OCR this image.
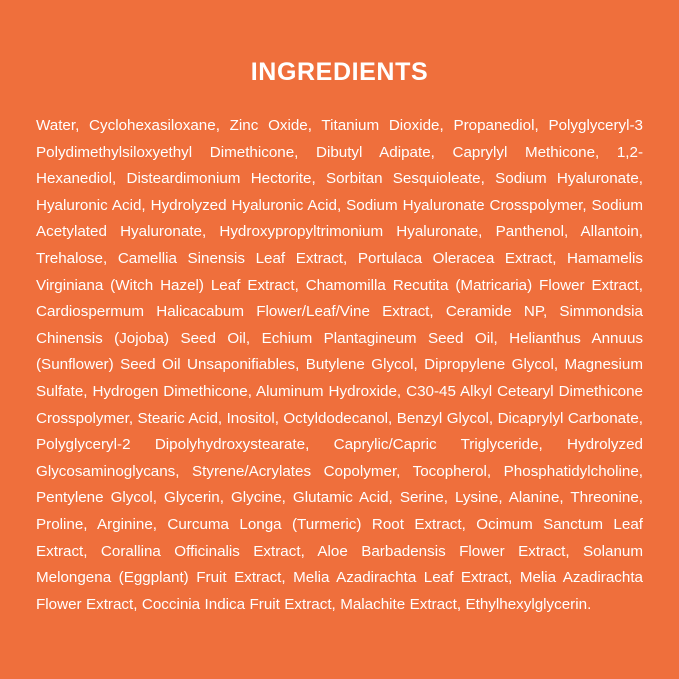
INGREDIENTS

Water, Cyclohexasiloxane, Zinc Oxide, Titanium Dioxide, Propanediol, Polyglyceryl-3 Polydimethylsiloxyethyl Dimethicone, Dibutyl Adipate, Caprylyl Methicone, 1,2-Hexanediol, Disteardimonium Hectorite, Sorbitan Sesquioleate, Sodium Hyaluronate, Hyaluronic Acid, Hydrolyzed Hyaluronic Acid, Sodium Hyaluronate Crosspolymer, Sodium Acetylated Hyaluronate, Hydroxypropyltrimonium Hyaluronate, Panthenol, Allantoin, Trehalose, Camellia Sinensis Leaf Extract, Portulaca Oleracea Extract, Hamamelis Virginiana (Witch Hazel) Leaf Extract, Chamomilla Recutita (Matricaria) Flower Extract, Cardiospermum Halicacabum Flower/Leaf/Vine Extract, Ceramide NP, Simmondsia Chinensis (Jojoba) Seed Oil, Echium Plantagineum Seed Oil, Helianthus Annuus (Sunflower) Seed Oil Unsaponifiables, Butylene Glycol, Dipropylene Glycol, Magnesium Sulfate, Hydrogen Dimethicone, Aluminum Hydroxide, C30-45 Alkyl Cetearyl Dimethicone Crosspolymer, Stearic Acid, Inositol, Octyldodecanol, Benzyl Glycol, Dicaprylyl Carbonate, Polyglyceryl-2 Dipolyhydroxystearate, Caprylic/Capric Triglyceride, Hydrolyzed Glycosaminoglycans, Styrene/Acrylates Copolymer, Tocopherol, Phosphatidylcholine, Pentylene Glycol, Glycerin, Glycine, Glutamic Acid, Serine, Lysine, Alanine, Threonine, Proline, Arginine, Curcuma Longa (Turmeric) Root Extract, Ocimum Sanctum Leaf Extract, Corallina Officinalis Extract, Aloe Barbadensis Flower Extract, Solanum Melongena (Eggplant) Fruit Extract, Melia Azadirachta Leaf Extract, Melia Azadirachta Flower Extract, Coccinia Indica Fruit Extract, Malachite Extract, Ethylhexylglycerin.
